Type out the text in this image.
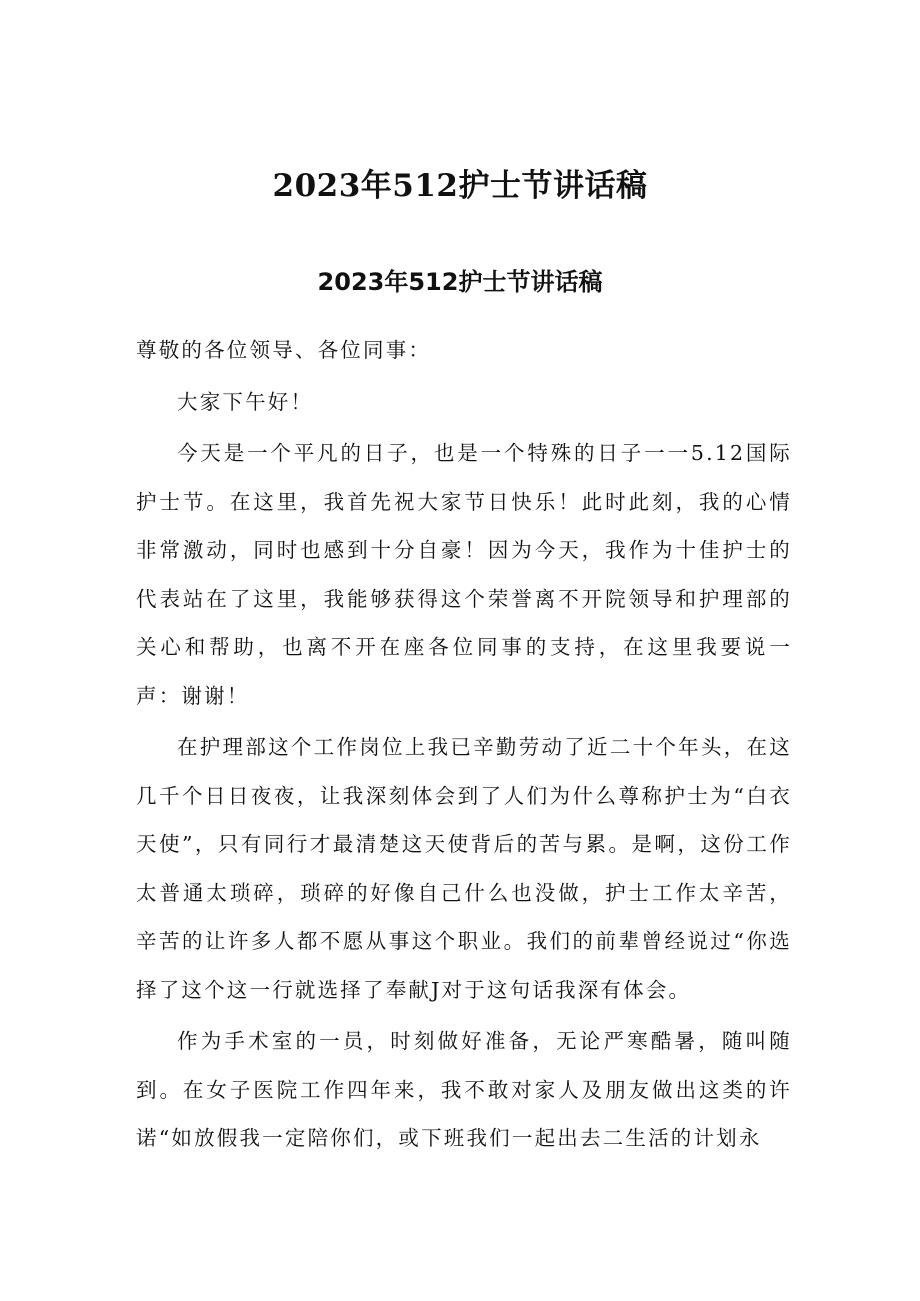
2023年512护士节讲话稿
2023年512护士节讲话稿

尊敬的各位领导、各位同事：

大家下午好！

今天是一个平凡的日子，也是一个特殊的日子一一5.12国际护士节。在这里，我首先祝大家节日快乐！此时此刻，我的心情非常激动，同时也感到十分自豪！因为今天，我作为十佳护士的代表站在了这里，我能够获得这个荣誉离不开院领导和护理部的关心和帮助，也离不开在座各位同事的支持，在这里我要说一声：谢谢！

在护理部这个工作岗位上我已辛勤劳动了近二十个年头，在这几千个日日夜夜，让我深刻体会到了人们为什么尊称护士为“白衣天使”，只有同行才最清楚这天使背后的苦与累。是啊，这份工作太普通太琐碎，琐碎的好像自己什么也没做，护士工作太辛苦，辛苦的让许多人都不愿从事这个职业。我们的前辈曾经说过“你选择了这个这一行就选择了奉献J对于这句话我深有体会。

作为手术室的一员，时刻做好准备，无论严寒酷暑，随叫随到。在女子医院工作四年来，我不敢对家人及朋友做出这类的许诺“如放假我一定陪你们，或下班我们一起出去二生活的计划永
